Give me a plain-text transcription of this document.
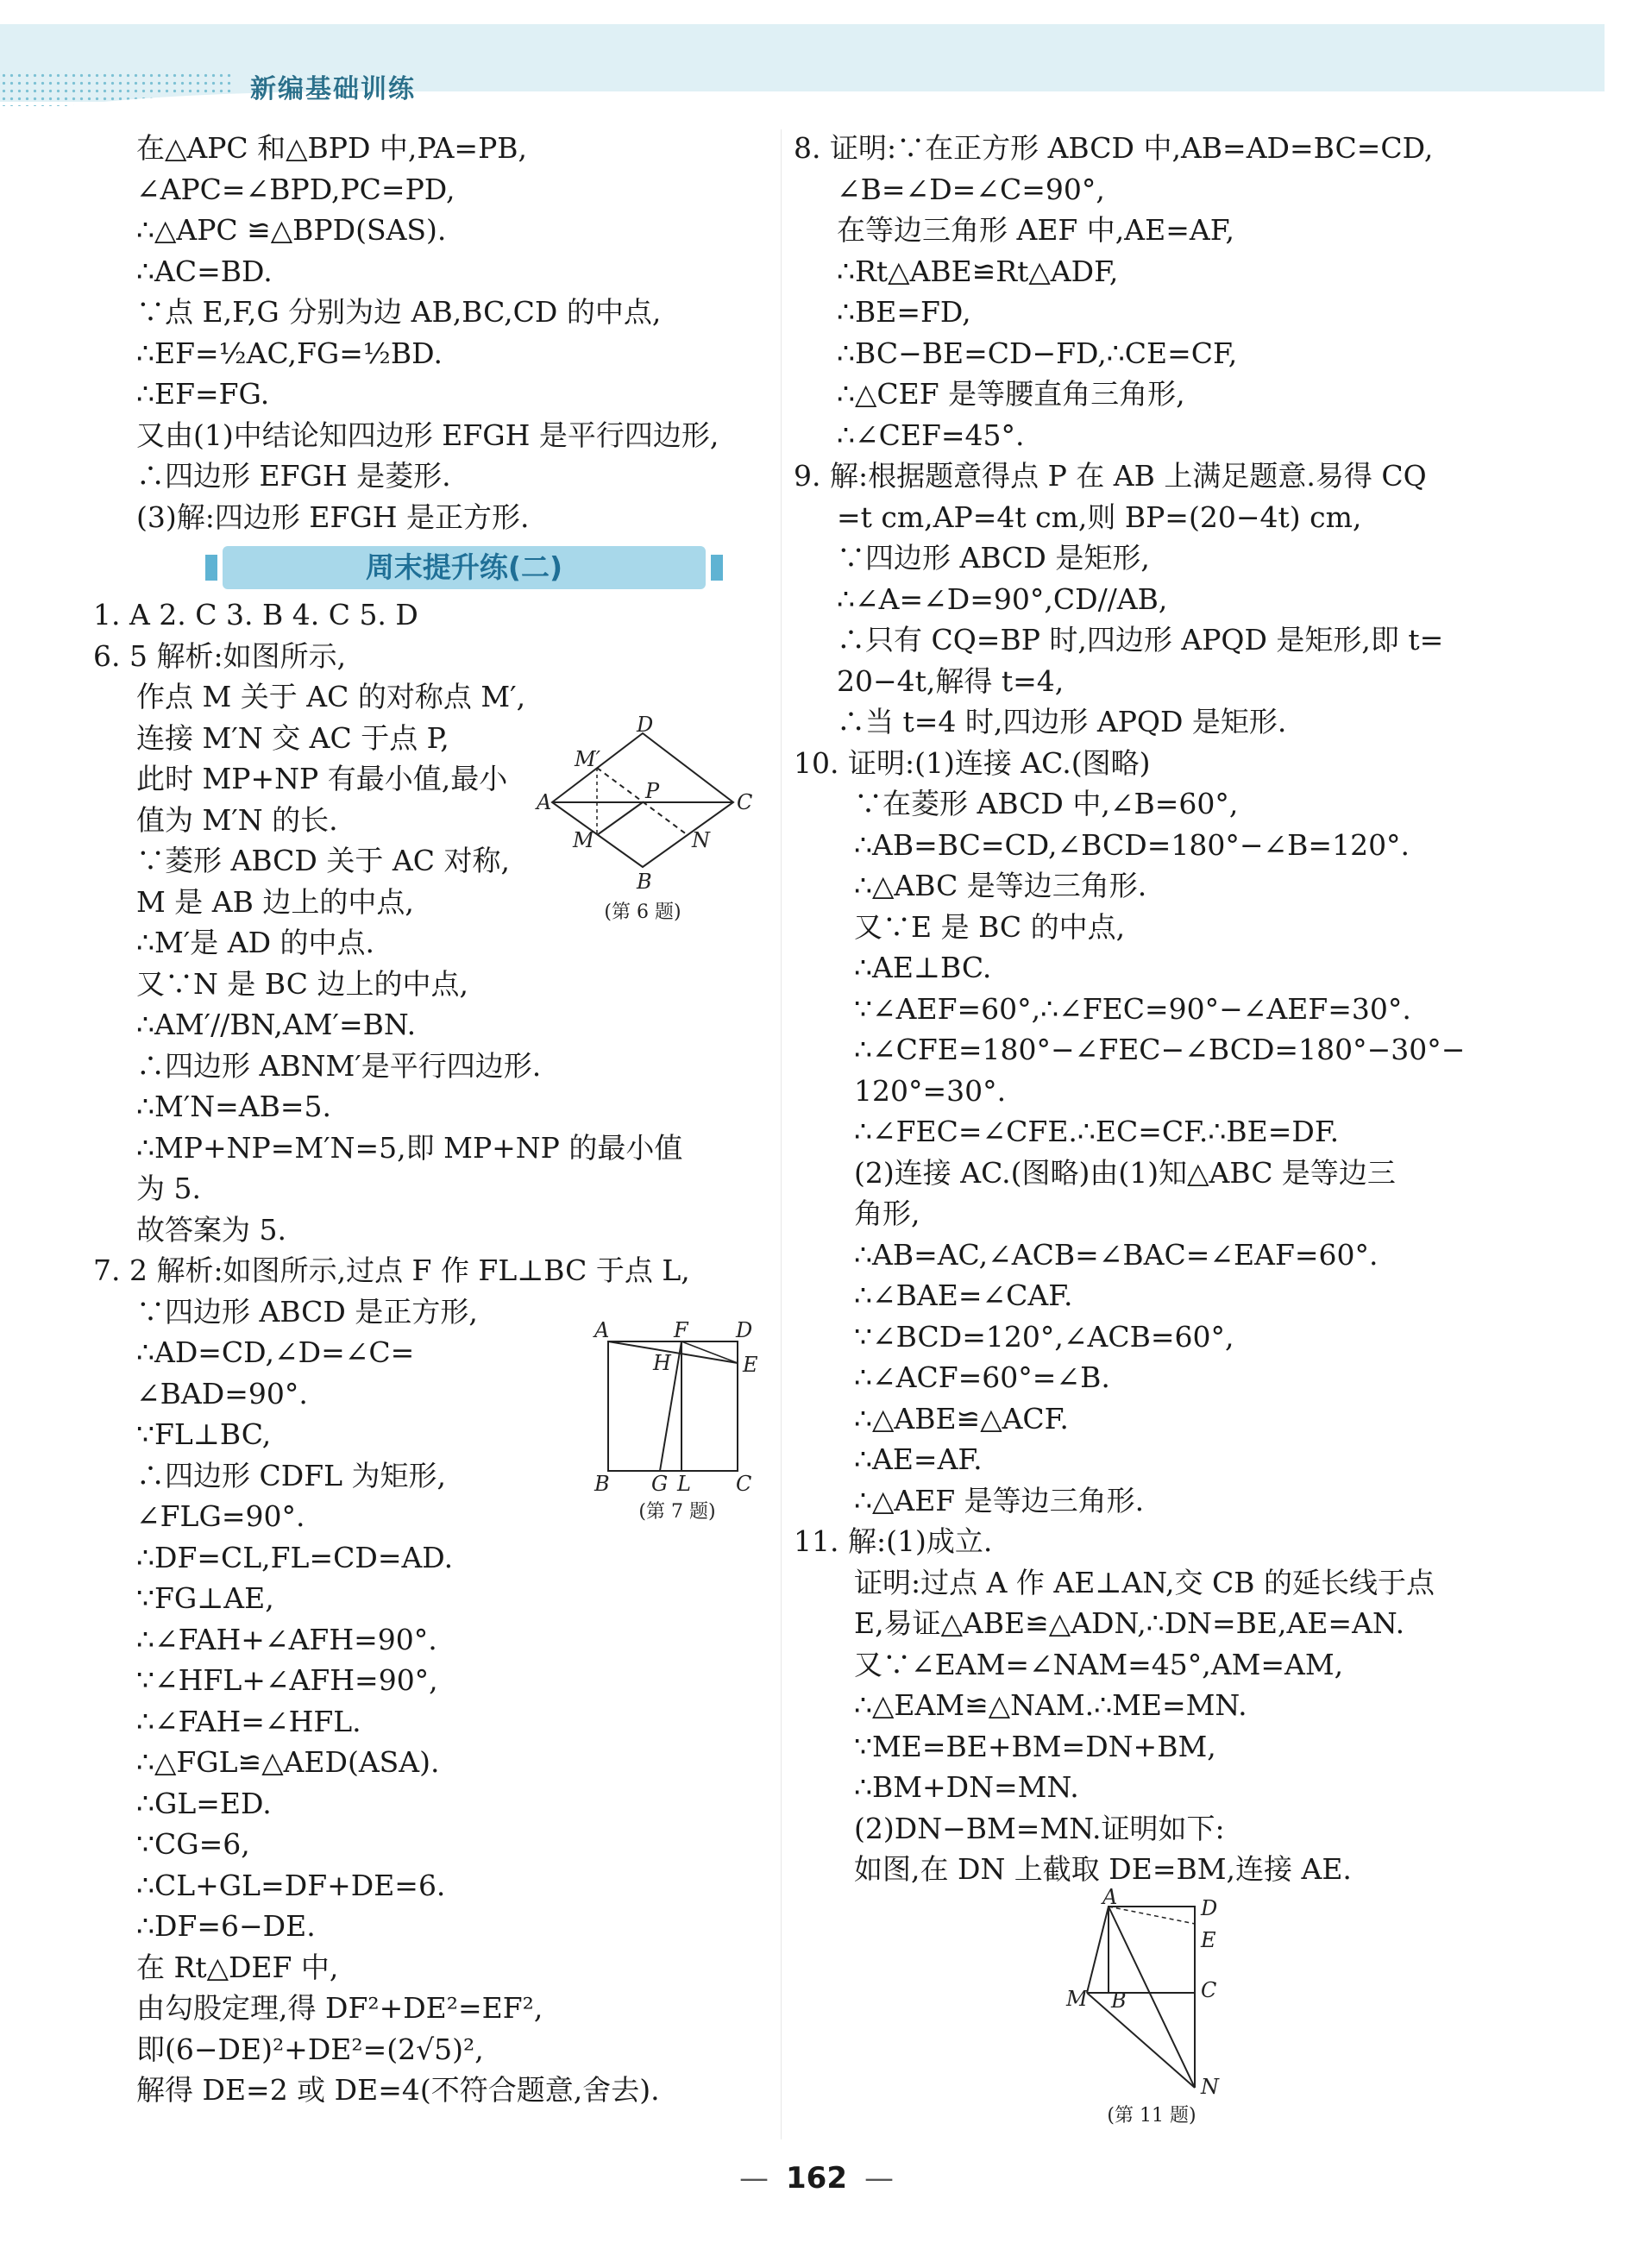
新编基础训练
在△APC 和△BPD 中,PA=PB,
∠APC=∠BPD,PC=PD,
∴△APC ≌△BPD(SAS).
∴AC=BD.
∵点 E,F,G 分别为边 AB,BC,CD 的中点,
∴EF=½AC,FG=½BD.
∴EF=FG.
又由(1)中结论知四边形 EFGH 是平行四边形,
∴四边形 EFGH 是菱形.
(3)解:四边形 EFGH 是正方形.
周末提升练(二)
1. A 2. C 3. B 4. C 5. D
6. 5 解析:如图所示,
作点 M 关于 AC 的对称点 M′,
连接 M′N 交 AC 于点 P,
此时 MP+NP 有最小值,最小
值为 M′N 的长.
∵菱形 ABCD 关于 AC 对称,
M 是 AB 边上的中点,
∴M′是 AD 的中点.
又∵N 是 BC 边上的中点,
∴AM′//BN,AM′=BN.
∴四边形 ABNM′是平行四边形.
∴M′N=AB=5.
∴MP+NP=M′N=5,即 MP+NP 的最小值
为 5.
故答案为 5.
7. 2 解析:如图所示,过点 F 作 FL⊥BC 于点 L,
∵四边形 ABCD 是正方形,
∴AD=CD,∠D=∠C=
∠BAD=90°.
∵FL⊥BC,
∴四边形 CDFL 为矩形,
∠FLG=90°.
∴DF=CL,FL=CD=AD.
∵FG⊥AE,
∴∠FAH+∠AFH=90°.
∵∠HFL+∠AFH=90°,
∴∠FAH=∠HFL.
∴△FGL≌△AED(ASA).
∴GL=ED.
∵CG=6,
∴CL+GL=DF+DE=6.
∴DF=6−DE.
在 Rt△DEF 中,
由勾股定理,得 DF²+DE²=EF²,
即(6−DE)²+DE²=(2√5)²,
解得 DE=2 或 DE=4(不符合题意,舍去).
8. 证明:∵在正方形 ABCD 中,AB=AD=BC=CD,
∠B=∠D=∠C=90°,
在等边三角形 AEF 中,AE=AF,
∴Rt△ABE≌Rt△ADF,
∴BE=FD,
∴BC−BE=CD−FD,∴CE=CF,
∴△CEF 是等腰直角三角形,
∴∠CEF=45°.
9. 解:根据题意得点 P 在 AB 上满足题意.易得 CQ
=t cm,AP=4t cm,则 BP=(20−4t) cm,
∵四边形 ABCD 是矩形,
∴∠A=∠D=90°,CD//AB,
∴只有 CQ=BP 时,四边形 APQD 是矩形,即 t=
20−4t,解得 t=4,
∴当 t=4 时,四边形 APQD 是矩形.
10. 证明:(1)连接 AC.(图略)
∵在菱形 ABCD 中,∠B=60°,
∴AB=BC=CD,∠BCD=180°−∠B=120°.
∴△ABC 是等边三角形.
又∵E 是 BC 的中点,
∴AE⊥BC.
∵∠AEF=60°,∴∠FEC=90°−∠AEF=30°.
∴∠CFE=180°−∠FEC−∠BCD=180°−30°−
120°=30°.
∴∠FEC=∠CFE.∴EC=CF.∴BE=DF.
(2)连接 AC.(图略)由(1)知△ABC 是等边三
角形,
∴AB=AC,∠ACB=∠BAC=∠EAF=60°.
∴∠BAE=∠CAF.
∵∠BCD=120°,∠ACB=60°,
∴∠ACF=60°=∠B.
∴△ABE≌△ACF.
∴AE=AF.
∴△AEF 是等边三角形.
11. 解:(1)成立.
证明:过点 A 作 AE⊥AN,交 CB 的延长线于点
E,易证△ABE≌△ADN,∴DN=BE,AE=AN.
又∵∠EAM=∠NAM=45°,AM=AM,
∴△EAM≌△NAM.∴ME=MN.
∵ME=BE+BM=DN+BM,
∴BM+DN=MN.
(2)DN−BM=MN.证明如下:
如图,在 DN 上截取 DE=BM,连接 AE.
D
M′
A	P	C
M	N
B
(第 6 题)
A	F D
H	E
B G L C
(第 7 题)
A	D
E
C
M B
N
(第 11 题)
— 162 —
